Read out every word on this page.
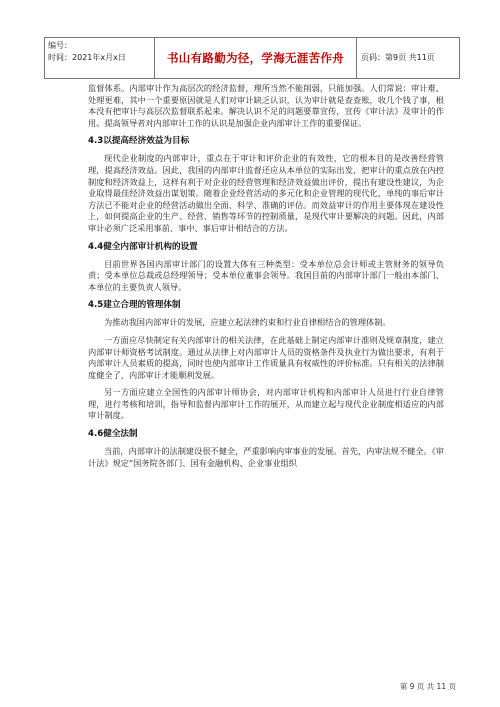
编号：
时间：2021年x月x日	书山有路勤为径，学海无涯苦作舟 页码：第9页 共11页

监督体系。内部审计作为高层次的经济监督，理所当然不能削弱，只能加强。人们常说：审计难、处理更难，其中一个重要原因就是人们对审计缺乏认识，认为审计就是查查账，收几个钱了事，根本没有把审计与高层次监督联系起来。解决认识不足的问题要靠宣传，宣传《审计法》及审计的作用。提高领导者对内部审计工作的认识是加强企业内部审计工作的重要保证。

4.3以提高经济效益为目标

现代企业制度的内部审计，重点在于审计和评价企业的有效性，它的根本目的是改善经营管理，提高经济效益。因此，我国的内部审计监督还应从本单位的实际出发，把审计的重点放在内控制度和经济效益上，这样有利于对企业的经营管理和经济效益做出评价，提出有建设性建议，为企业取得最佳经济效益出谋划策。随着企业经营活动的多元化和企业管理的现代化，单纯的事后审计方法已不能对企业的经营活动做出全面、科学、准确的评估。而效益审计的作用主要体现在建设性上，如何提高企业的生产、经营、销售等环节的控制质量，是现代审计要解决的问题。因此，内部审计必须广泛采用事前、事中、事后审计相结合的方法。

4.4健全内部审计机构的设置

目前世界各国内部审计部门的设置大体有三种类型：受本单位总会计师或主管财务的领导负责；受本单位总裁或总经理领导；受本单位董事会领导。我国目前的内部审计部门一般由本部门、本单位的主要负责人领导。

4.5建立合理的管理体制

为推动我国内部审计的发展，应建立起法律约束和行业自律相结合的管理体制。

一方面应尽快制定有关内部审计的相关法律，在此基础上制定内部审计准则及规章制度，建立内部审计师资格考试制度。通过从法律上对内部审计人员的资格条件及执业行为做出要求，有利于内部审计人员素质的提高，同时也使内部审计工作质量具有权威性的评价标准。只有相关的法律制度健全了，内部审计才能顺利发展。

另一方面应建立全国性的内部审计师协会，对内部审计机构和内部审计人员进行行业自律管理，进行考核和培训，指导和监督内部审计工作的展开，从而建立起与现代企业制度相适应的内部审计制度。

4.6健全法制

当前，内部审计的法制建设很不健全，严重影响内审事业的发展。首先，内审法规不健全。《审计法》规定“国务院各部门、国有金融机构、企业事业组织

第 9 页 共 11 页
